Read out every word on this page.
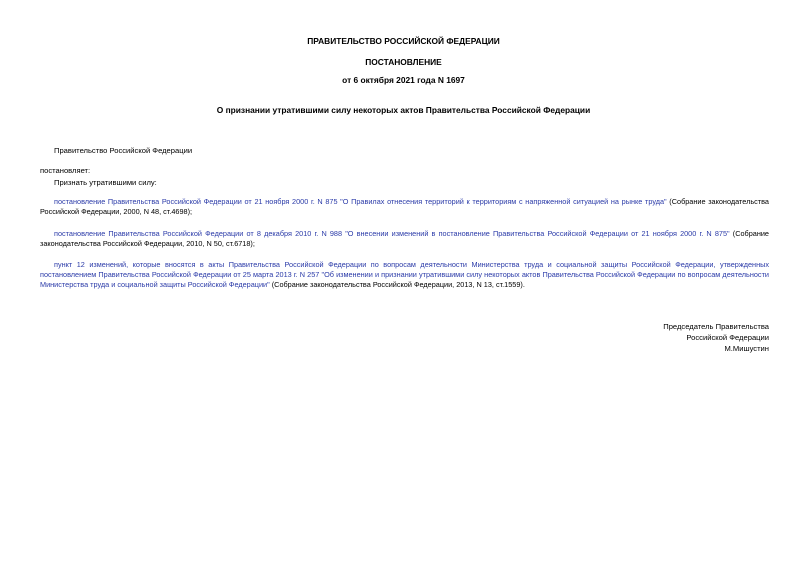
ПРАВИТЕЛЬСТВО РОССИЙСКОЙ ФЕДЕРАЦИИ

ПОСТАНОВЛЕНИЕ

от 6 октября 2021 года N 1697

О признании утратившими силу некоторых актов Правительства Российской Федерации

Правительство Российской Федерации

постановляет:

Признать утратившими силу:

постановление Правительства Российской Федерации от 21 ноября 2000 г. N 875 "О Правилах отнесения территорий к территориям с напряженной ситуацией на рынке труда" (Собрание законодательства Российской Федерации, 2000, N 48, ст.4698);

постановление Правительства Российской Федерации от 8 декабря 2010 г. N 988 "О внесении изменений в постановление Правительства Российской Федерации от 21 ноября 2000 г. N 875" (Собрание законодательства Российской Федерации, 2010, N 50, ст.6718);

пункт 12 изменений, которые вносятся в акты Правительства Российской Федерации по вопросам деятельности Министерства труда и социальной защиты Российской Федерации, утвержденных постановлением Правительства Российской Федерации от 25 марта 2013 г. N 257 "Об изменении и признании утратившими силу некоторых актов Правительства Российской Федерации по вопросам деятельности Министерства труда и социальной защиты Российской Федерации" (Собрание законодательства Российской Федерации, 2013, N 13, ст.1559).

Председатель Правительства

Российской Федерации

М.Мишустин
